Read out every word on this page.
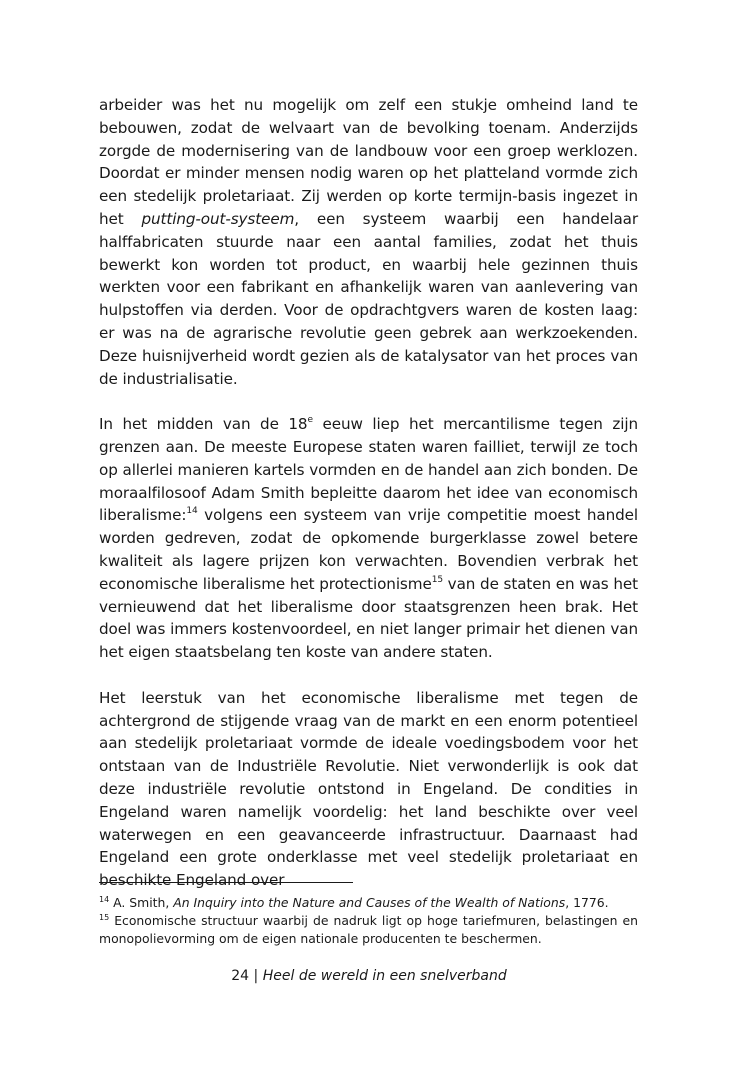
arbeider was het nu mogelijk om zelf een stukje omheind land te bebouwen, zodat de welvaart van de bevolking toenam. Anderzijds zorgde de modernisering van de landbouw voor een groep werklozen. Doordat er minder mensen nodig waren op het platteland vormde zich een stedelijk proletariaat. Zij werden op korte termijn-basis ingezet in het putting-out-systeem, een systeem waarbij een handelaar halffabricaten stuurde naar een aantal families, zodat het thuis bewerkt kon worden tot product, en waarbij hele gezinnen thuis werkten voor een fabrikant en afhankelijk waren van aanlevering van hulpstoffen via derden. Voor de opdrachtgvers waren de kosten laag: er was na de agrarische revolutie geen gebrek aan werkzoekenden. Deze huisnijverheid wordt gezien als de katalysator van het proces van de industrialisatie.

In het midden van de 18e eeuw liep het mercantilisme tegen zijn grenzen aan. De meeste Europese staten waren failliet, terwijl ze toch op allerlei manieren kartels vormden en de handel aan zich bonden. De moraalfilosoof Adam Smith bepleitte daarom het idee van economisch liberalisme:$^{14}$ volgens een systeem van vrije competitie moest handel worden gedreven, zodat de opkomende burgerklasse zowel betere kwaliteit als lagere prijzen kon verwachten. Bovendien verbrak het economische liberalisme het protectionisme$^{15}$ van de staten en was het vernieuwend dat het liberalisme door staatsgrenzen heen brak. Het doel was immers kostenvoordeel, en niet langer primair het dienen van het eigen staatsbelang ten koste van andere staten.

Het leerstuk van het economische liberalisme met tegen de achtergrond de stijgende vraag van de markt en een enorm potentieel aan stedelijk proletariaat vormde de ideale voedingsbodem voor het ontstaan van de Industriële Revolutie. Niet verwonderlijk is ook dat deze industriële revolutie ontstond in Engeland. De condities in Engeland waren namelijk voordelig: het land beschikte over veel waterwegen en een geavanceerde infrastructuur. Daarnaast had Engeland een grote onderklasse met veel stedelijk proletariaat en beschikte Engeland over

$^{14}$ A. Smith, An Inquiry into the Nature and Causes of the Wealth of Nations, 1776.

$^{15}$ Economische structuur waarbij de nadruk ligt op hoge tariefmuren, belastingen en monopolievorming om de eigen nationale producenten te beschermen.

24 | Heel de wereld in een snelverband
